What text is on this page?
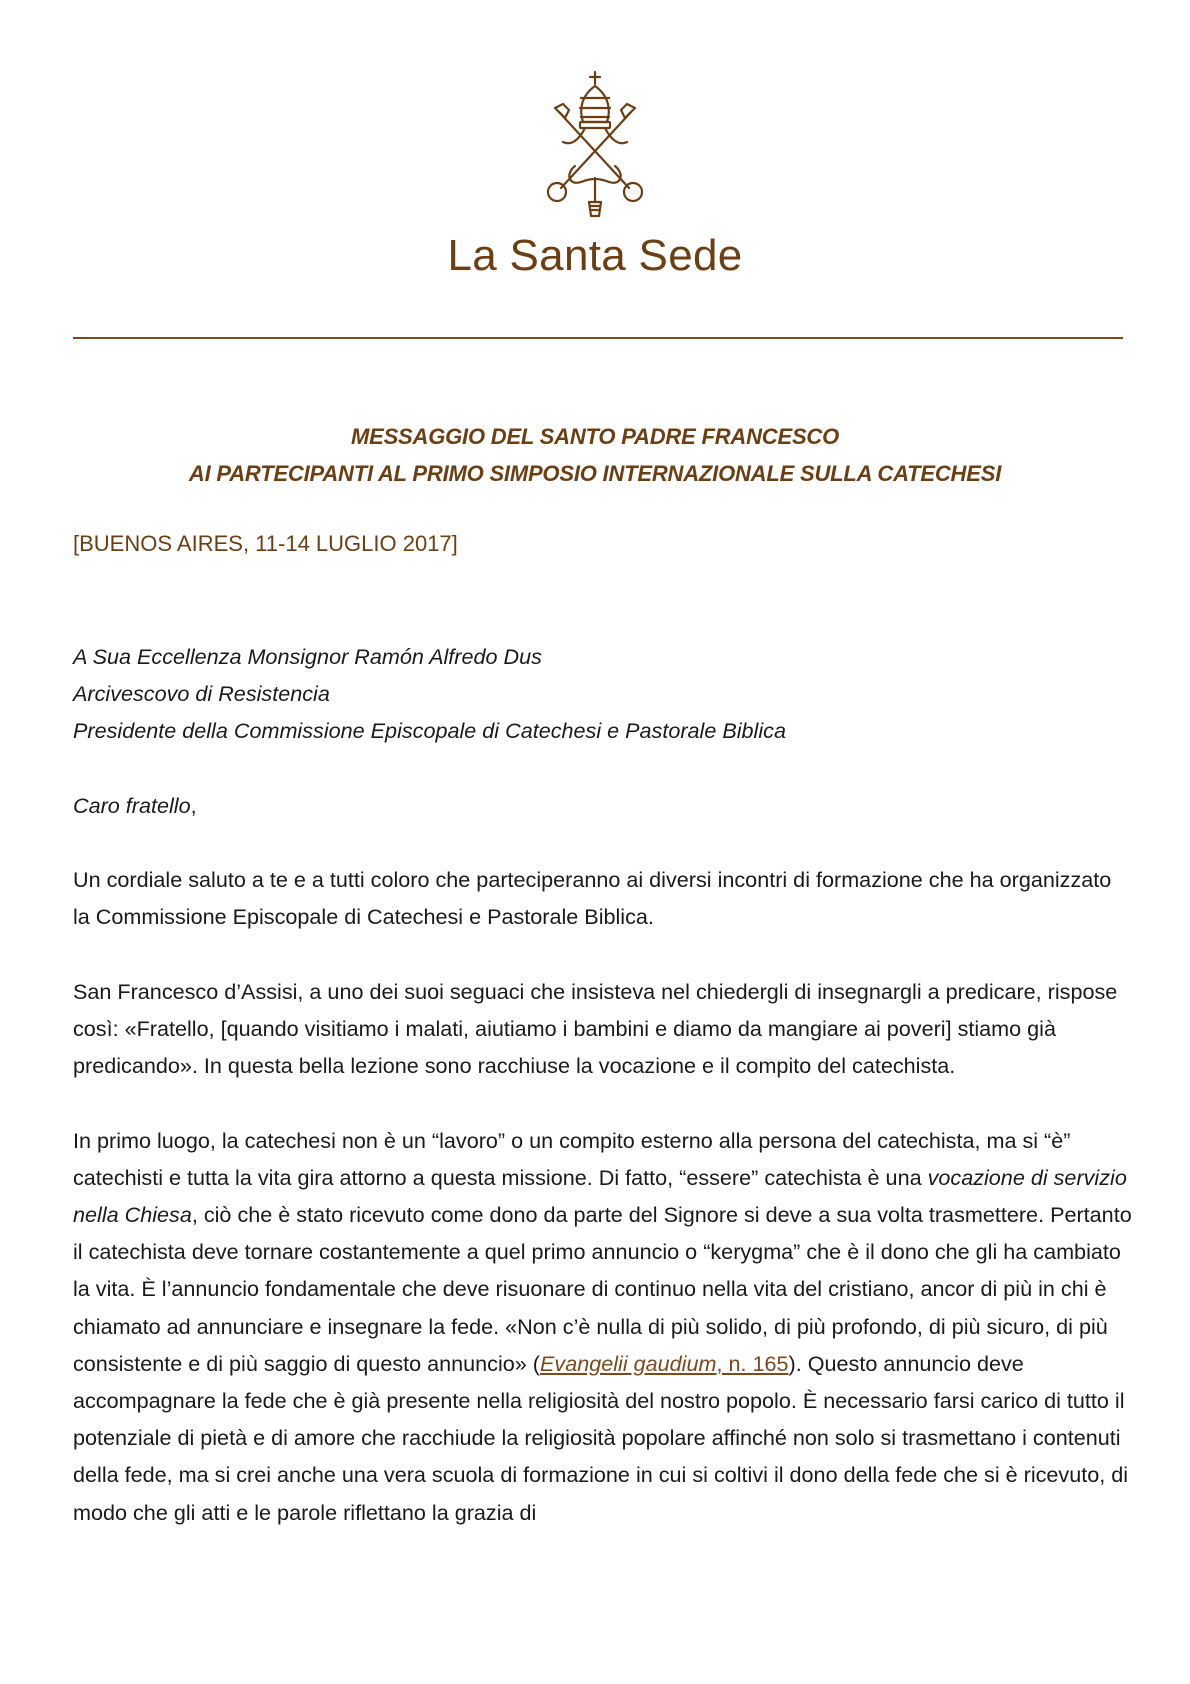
La Santa Sede
MESSAGGIO DEL SANTO PADRE FRANCESCO
AI PARTECIPANTI AL PRIMO SIMPOSIO INTERNAZIONALE SULLA CATECHESI
[BUENOS AIRES, 11-14 LUGLIO 2017]

A Sua Eccellenza Monsignor Ramón Alfredo Dus

Arcivescovo di Resistencia

Presidente della Commissione Episcopale di Catechesi e Pastorale Biblica

Caro fratello,

Un cordiale saluto a te e a tutti coloro che parteciperanno ai diversi incontri di formazione che ha organizzato la Commissione Episcopale di Catechesi e Pastorale Biblica.

San Francesco d’Assisi, a uno dei suoi seguaci che insisteva nel chiedergli di insegnargli a predicare, rispose così: «Fratello, [quando visitiamo i malati, aiutiamo i bambini e diamo da mangiare ai poveri] stiamo già predicando». In questa bella lezione sono racchiuse la vocazione e il compito del catechista.

In primo luogo, la catechesi non è un “lavoro” o un compito esterno alla persona del catechista, ma si “è” catechisti e tutta la vita gira attorno a questa missione. Di fatto, “essere” catechista è una vocazione di servizio nella Chiesa, ciò che è stato ricevuto come dono da parte del Signore si deve a sua volta trasmettere. Pertanto il catechista deve tornare costantemente a quel primo annuncio o “kerygma” che è il dono che gli ha cambiato la vita. È l’annuncio fondamentale che deve risuonare di continuo nella vita del cristiano, ancor di più in chi è chiamato ad annunciare e insegnare la fede. «Non c’è nulla di più solido, di più profondo, di più sicuro, di più consistente e di più saggio di questo annuncio» (Evangelii gaudium, n. 165). Questo annuncio deve accompagnare la fede che è già presente nella religiosità del nostro popolo. È necessario farsi carico di tutto il potenziale di pietà e di amore che racchiude la religiosità popolare affinché non solo si trasmettano i contenuti della fede, ma si crei anche una vera scuola di formazione in cui si coltivi il dono della fede che si è ricevuto, di modo che gli atti e le parole riflettano la grazia di
